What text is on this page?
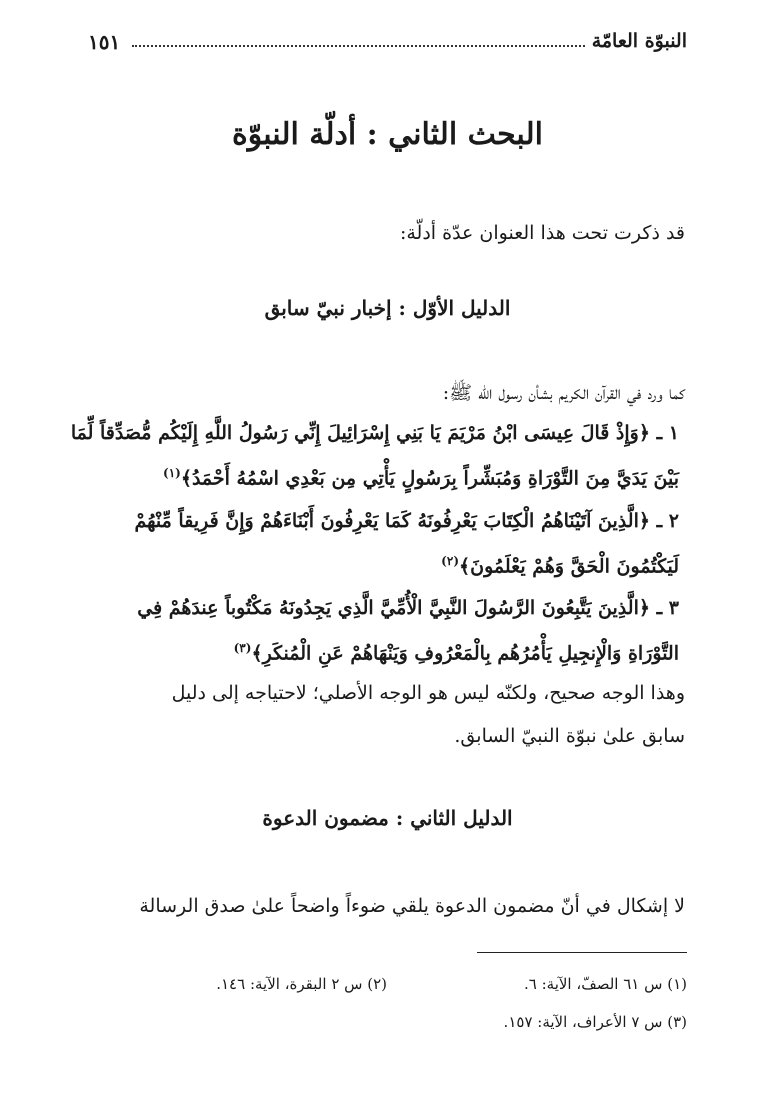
النبوّة العامّة
١٥١
البحث الثاني : أدلّة النبوّة
قد ذكرت تحت هذا العنوان عدّة أدلّة:
الدليل الأوّل : إخبار نبيّ سابق
كما ورد في القرآن الكريم بشأن رسول الله ﷺ:
١ ـ ﴿وَإِذْ قَالَ عِيسَى ابْنُ مَرْيَمَ يَا بَنِي إِسْرَائِيلَ إِنِّي رَسُولُ اللَّهِ إِلَيْكُم مُّصَدِّقاً لِّمَا
بَيْنَ يَدَيَّ مِنَ التَّوْرَاةِ وَمُبَشِّراً بِرَسُولٍ يَأْتِي مِن بَعْدِي اسْمُهُ أَحْمَدُ﴾$^{(١)}$
٢ ـ ﴿الَّذِينَ آتَيْنَاهُمُ الْكِتَابَ يَعْرِفُونَهُ كَمَا يَعْرِفُونَ أَبْنَاءَهُمْ وَإِنَّ فَرِيقاً مِّنْهُمْ
لَيَكْتُمُونَ الْحَقَّ وَهُمْ يَعْلَمُونَ﴾$^{(٢)}$
٣ ـ ﴿الَّذِينَ يَتَّبِعُونَ الرَّسُولَ النَّبِيَّ الْأُمِّيَّ الَّذِي يَجِدُونَهُ مَكْتُوباً عِندَهُمْ فِي
التَّوْرَاةِ وَالْإِنجِيلِ يَأْمُرُهُم بِالْمَعْرُوفِ وَيَنْهَاهُمْ عَنِ الْمُنكَرِ﴾$^{(٣)}$
وهذا الوجه صحيح، ولكنّه ليس هو الوجه الأصلي؛ لاحتياجه إلى دليل
سابق علىٰ نبوّة النبيّ السابق.
الدليل الثاني : مضمون الدعوة
لا إشكال في أنّ مضمون الدعوة يلقي ضوءاً واضحاً علىٰ صدق الرسالة
(١) س ٦١ الصفّ، الآية: ٦.
(٢) س ٢ البقرة، الآية: ١٤٦.
(٣) س ٧ الأعراف، الآية: ١٥٧.
